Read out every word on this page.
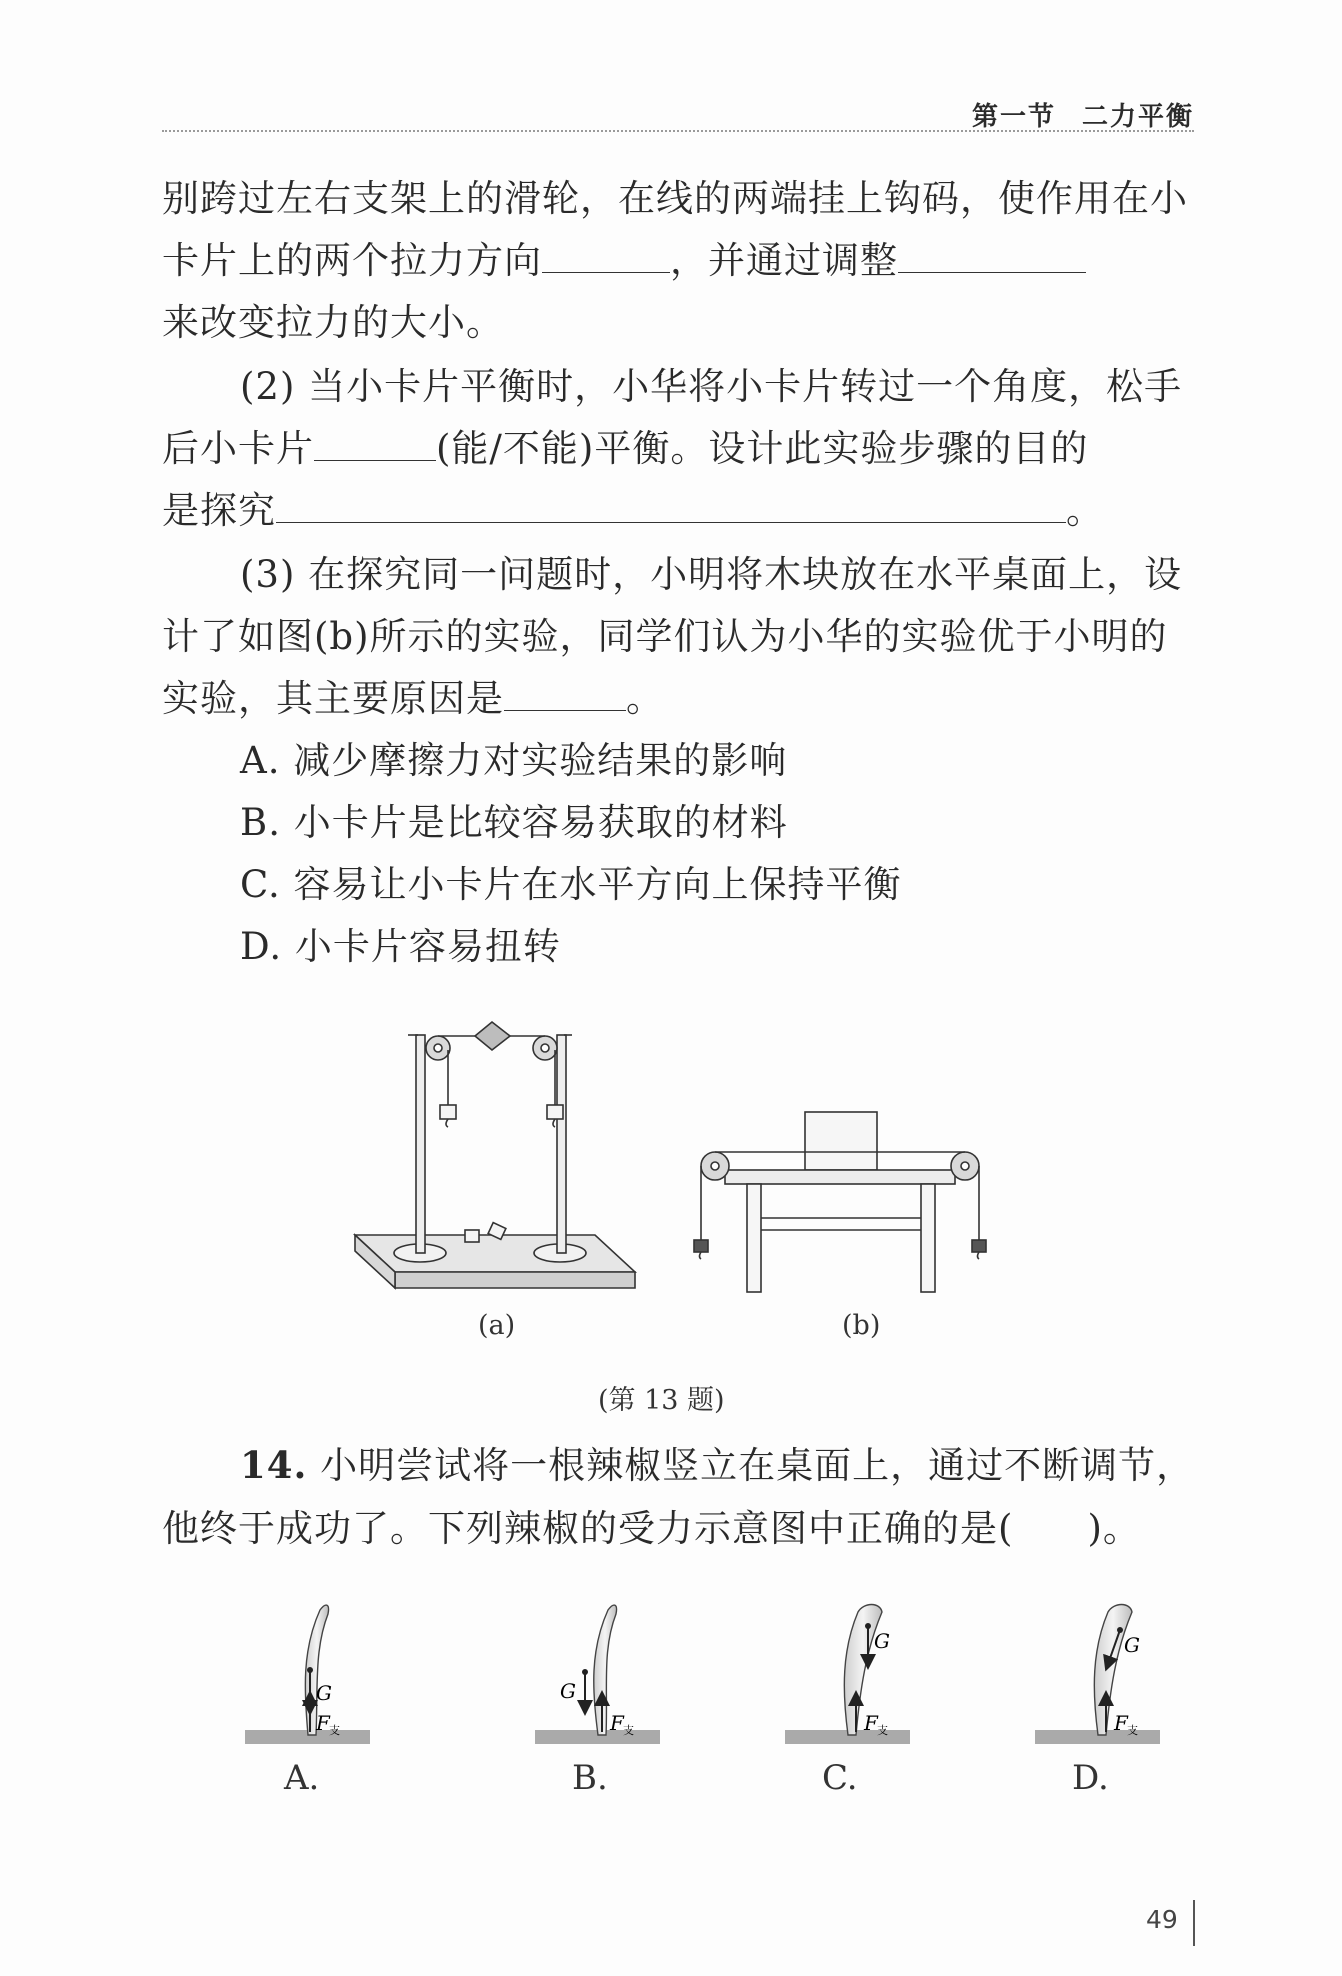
第一节 二力平衡
别跨过左右支架上的滑轮，在线的两端挂上钩码，使作用在小
卡片上的两个拉力方向	，并通过调整
来改变拉力的大小。
(2) 当小卡片平衡时，小华将小卡片转过一个角度，松手
后小卡片	(能/不能)平衡。设计此实验步骤的目的
是探究	。
(3) 在探究同一问题时，小明将木块放在水平桌面上，设
计了如图(b)所示的实验，同学们认为小华的实验优于小明的
实验，其主要原因是	。
A. 减少摩擦力对实验结果的影响
B. 小卡片是比较容易获取的材料
C. 容易让小卡片在水平方向上保持平衡
D. 小卡片容易扭转
(a)	(b)
(第 13 题)
14. 小明尝试将一根辣椒竖立在桌面上，通过不断调节，
他终于成功了。下列辣椒的受力示意图中正确的是( )。
G
F 支
G
F 支
G
F 支
G
F 支
A.	B.	C.	D.
49
